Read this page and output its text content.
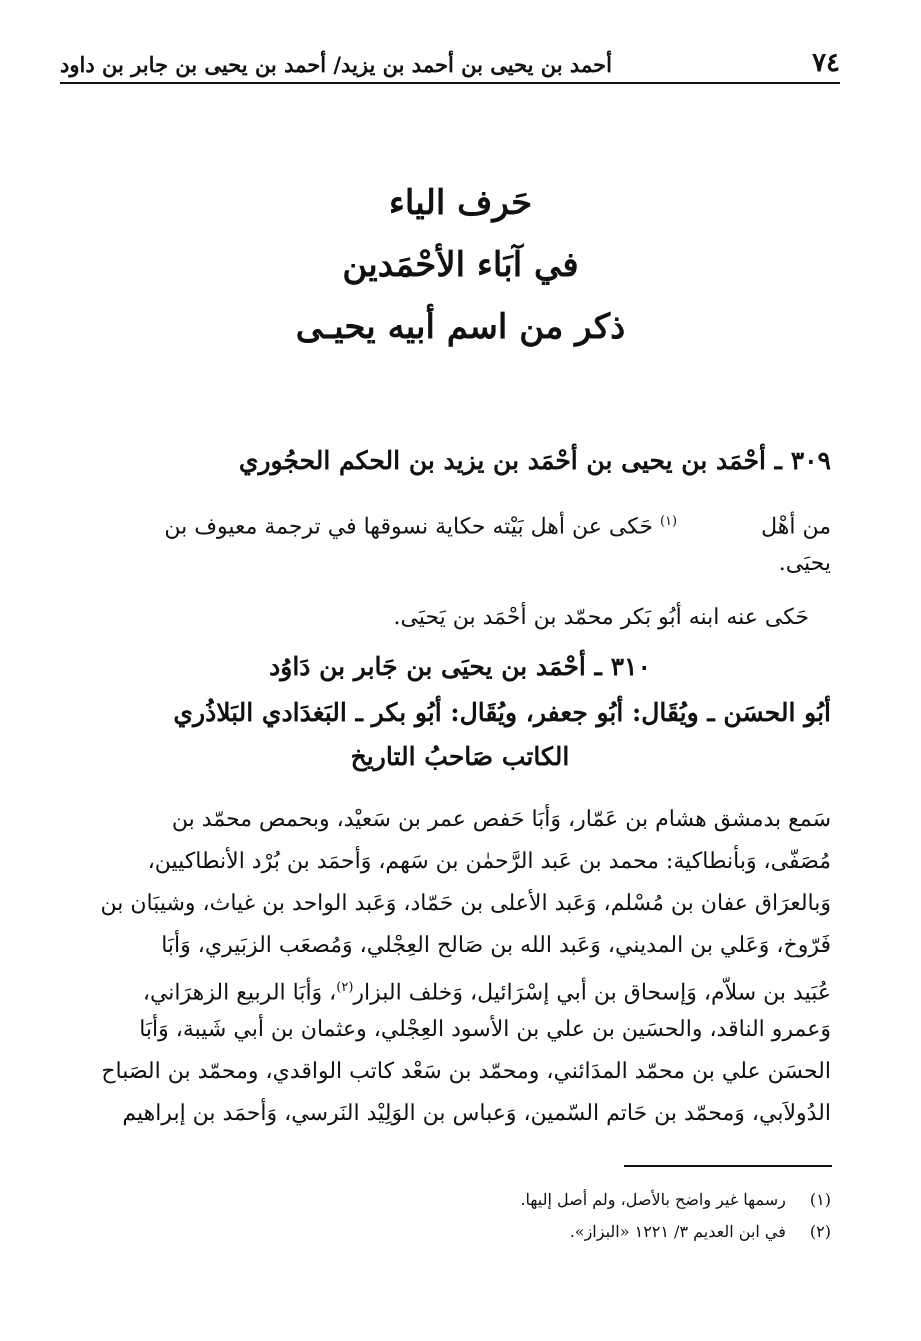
٧٤
أحمد بن يحيى بن أحمد بن يزيد/ أحمد بن يحيى بن جابر بن داود
حَرف الياء
في آبَاء الأحْمَدين
ذكر من اسم أبيه يحيـى
٣٠٩ ـ أحْمَد بن يحيى بن أحْمَد بن يزيد بن الحكم الحجُوري
من أهْل  $^{(١)}$ حَكى عن أهل بَيْته حكاية نسوقها في ترجمة معيوف بن
يحيَى.
حَكى عنه ابنه أبُو بَكر محمّد بن أحْمَد بن يَحيَى.
٣١٠ ـ أحْمَد بن يحيَى بن جَابر بن دَاوُد
أبُو الحسَن ـ ويُقَال: أبُو جعفر، ويُقَال: أبُو بكر ـ البَغدَادي البَلاذُري
الكاتب صَاحبُ التاريخ
سَمع بدمشق هشام بن عَمّار، وَأبَا حَفص عمر بن سَعيْد، وبحمص محمّد بن
مُصَفّى، وَبأنطاكية: محمد بن عَبد الرَّحمٰن بن سَهم، وَأحمَد بن بُرْد الأنطاكيين،
وَبالعرَاق عفان بن مُسْلم، وَعَبد الأعلى بن حَمّاد، وَعَبد الواحد بن غياث، وشيبَان بن
فَرّوخ، وَعَلي بن المديني، وَعَبد الله بن صَالح العِجْلي، وَمُصعَب الزبَيري، وَأبَا
عُبَيد بن سلاّم، وَإسحاق بن أبي إسْرَائيل، وَخلف البزار$^{(٢)}$، وَأبَا الربيع الزهرَاني،
وَعمرو الناقد، والحسَين بن علي بن الأسود العِجْلي، وعثمان بن أبي شَيبة، وَأبَا
الحسَن علي بن محمّد المدَائني، ومحمّد بن سَعْد كاتب الواقدي، ومحمّد بن الصَباح
الدُولاَبي، وَمحمّد بن حَاتم السّمين، وَعباس بن الوَلِيْد النَرسي، وَأحمَد بن إبراهيم
(١) رسمها غير واضح بالأصل، ولم أصل إليها.
(٢) في ابن العديم ٣/ ١٢٢١ «البزاز».
